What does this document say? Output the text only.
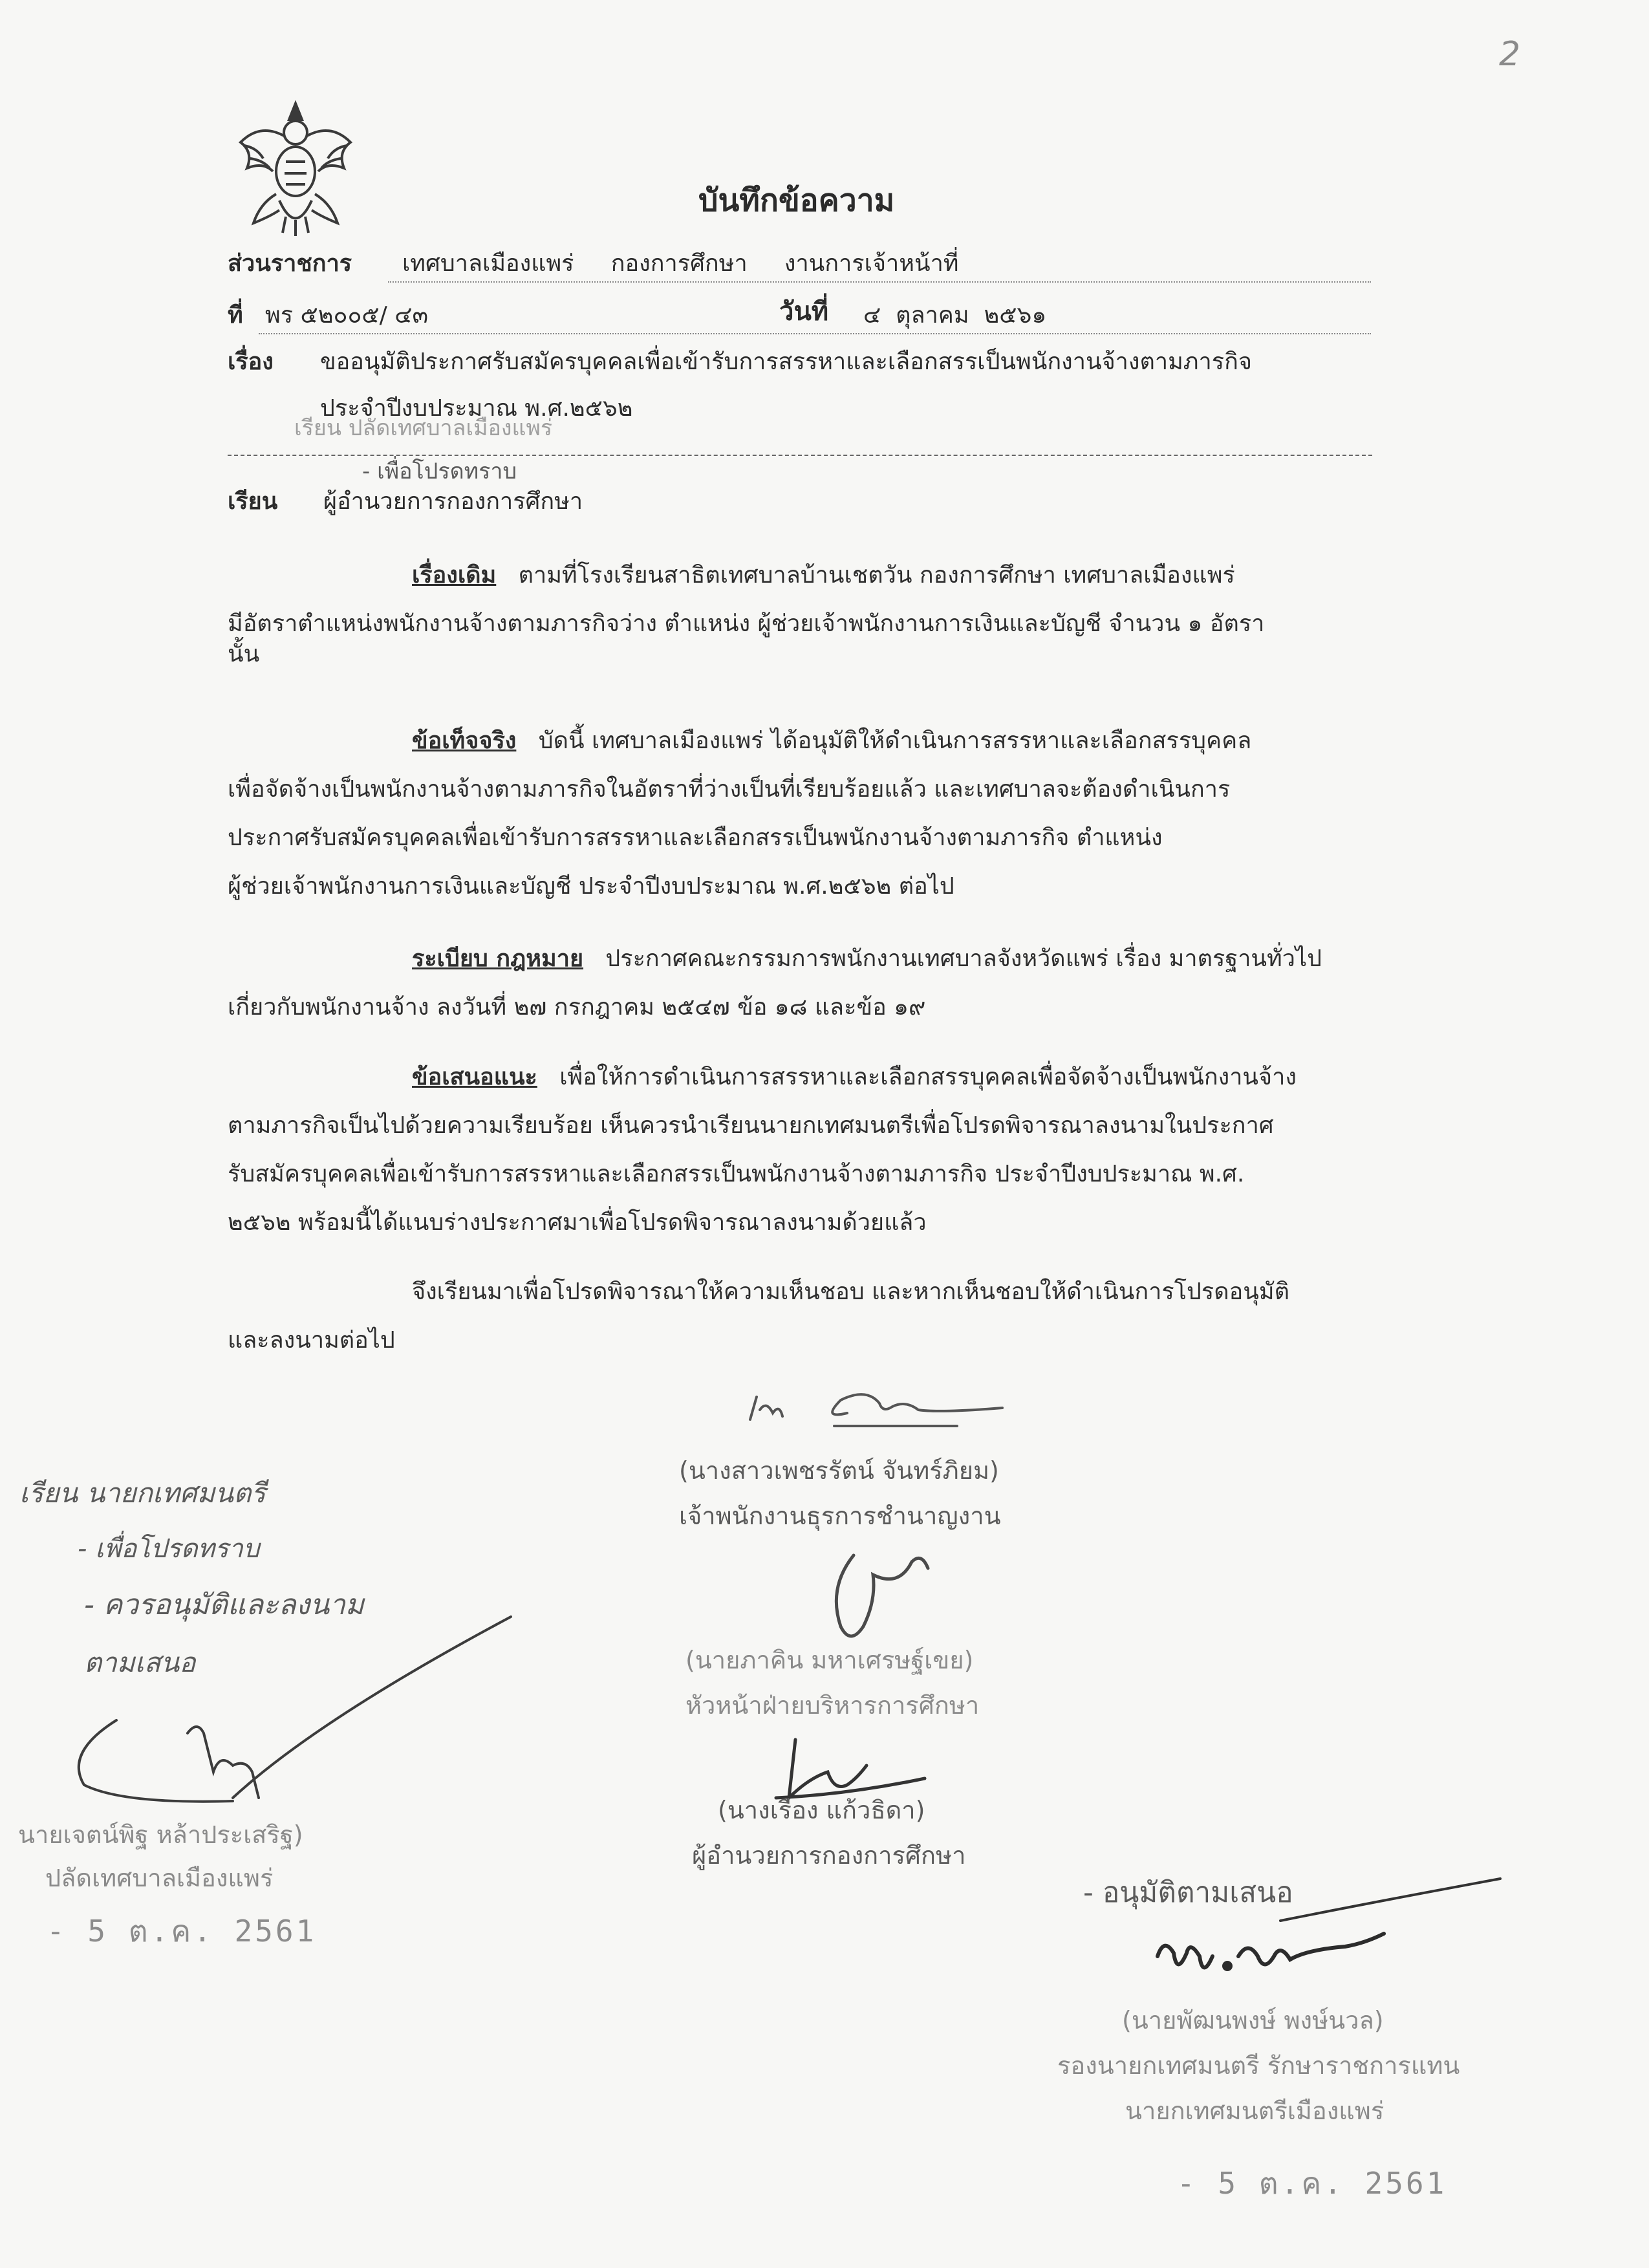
2
บันทึกข้อความ
ส่วนราชการ เทศบาลเมืองแพร่     กองการศึกษา     งานการเจ้าหน้าที่
ที่ พร ๕๒๐๐๕/ ๔๓	วันที่ ๔  ตุลาคม  ๒๕๖๑
เรื่อง ขออนุมัติประกาศรับสมัครบุคคลเพื่อเข้ารับการสรรหาและเลือกสรรเป็นพนักงานจ้างตามภารกิจ
ประจำปีงบประมาณ พ.ศ.๒๕๖๒
เรียน ปลัดเทศบาลเมืองแพร่
- เพื่อโปรดทราบ
เรียน ผู้อำนวยการกองการศึกษา
เรื่องเดิม ตามที่โรงเรียนสาธิตเทศบาลบ้านเชตวัน กองการศึกษา เทศบาลเมืองแพร่
มีอัตราตำแหน่งพนักงานจ้างตามภารกิจว่าง ตำแหน่ง ผู้ช่วยเจ้าพนักงานการเงินและบัญชี จำนวน ๑ อัตรา
นั้น
ข้อเท็จจริง บัดนี้ เทศบาลเมืองแพร่ ได้อนุมัติให้ดำเนินการสรรหาและเลือกสรรบุคคล
เพื่อจัดจ้างเป็นพนักงานจ้างตามภารกิจในอัตราที่ว่างเป็นที่เรียบร้อยแล้ว และเทศบาลจะต้องดำเนินการ
ประกาศรับสมัครบุคคลเพื่อเข้ารับการสรรหาและเลือกสรรเป็นพนักงานจ้างตามภารกิจ ตำแหน่ง
ผู้ช่วยเจ้าพนักงานการเงินและบัญชี ประจำปีงบประมาณ พ.ศ.๒๕๖๒ ต่อไป
ระเบียบ กฎหมาย ประกาศคณะกรรมการพนักงานเทศบาลจังหวัดแพร่ เรื่อง มาตรฐานทั่วไป
เกี่ยวกับพนักงานจ้าง ลงวันที่ ๒๗ กรกฎาคม ๒๕๔๗ ข้อ ๑๘ และข้อ ๑๙
ข้อเสนอแนะ เพื่อให้การดำเนินการสรรหาและเลือกสรรบุคคลเพื่อจัดจ้างเป็นพนักงานจ้าง
ตามภารกิจเป็นไปด้วยความเรียบร้อย เห็นควรนำเรียนนายกเทศมนตรีเพื่อโปรดพิจารณาลงนามในประกาศ
รับสมัครบุคคลเพื่อเข้ารับการสรรหาและเลือกสรรเป็นพนักงานจ้างตามภารกิจ ประจำปีงบประมาณ พ.ศ.
๒๕๖๒ พร้อมนี้ได้แนบร่างประกาศมาเพื่อโปรดพิจารณาลงนามด้วยแล้ว
จึงเรียนมาเพื่อโปรดพิจารณาให้ความเห็นชอบ และหากเห็นชอบให้ดำเนินการโปรดอนุมัติ
และลงนามต่อไป
(นางสาวเพชรรัตน์ จันทร์ภิยม)
เจ้าพนักงานธุรการชำนาญงาน
(นายภาคิน มหาเศรษฐ์เขย)
หัวหน้าฝ่ายบริหารการศึกษา
(นางเรือง แก้วธิดา)
ผู้อำนวยการกองการศึกษา
เรียน นายกเทศมนตรี
- เพื่อโปรดทราบ
- ควรอนุมัติและลงนาม
ตามเสนอ
นายเจตน์พิฐ หล้าประเสริฐ)
ปลัดเทศบาลเมืองแพร่
- 5 ต.ค. 2561
- อนุมัติตามเสนอ
(นายพัฒนพงษ์ พงษ์นวล)
รองนายกเทศมนตรี รักษาราชการแทน
นายกเทศมนตรีเมืองแพร่
- 5 ต.ค. 2561
